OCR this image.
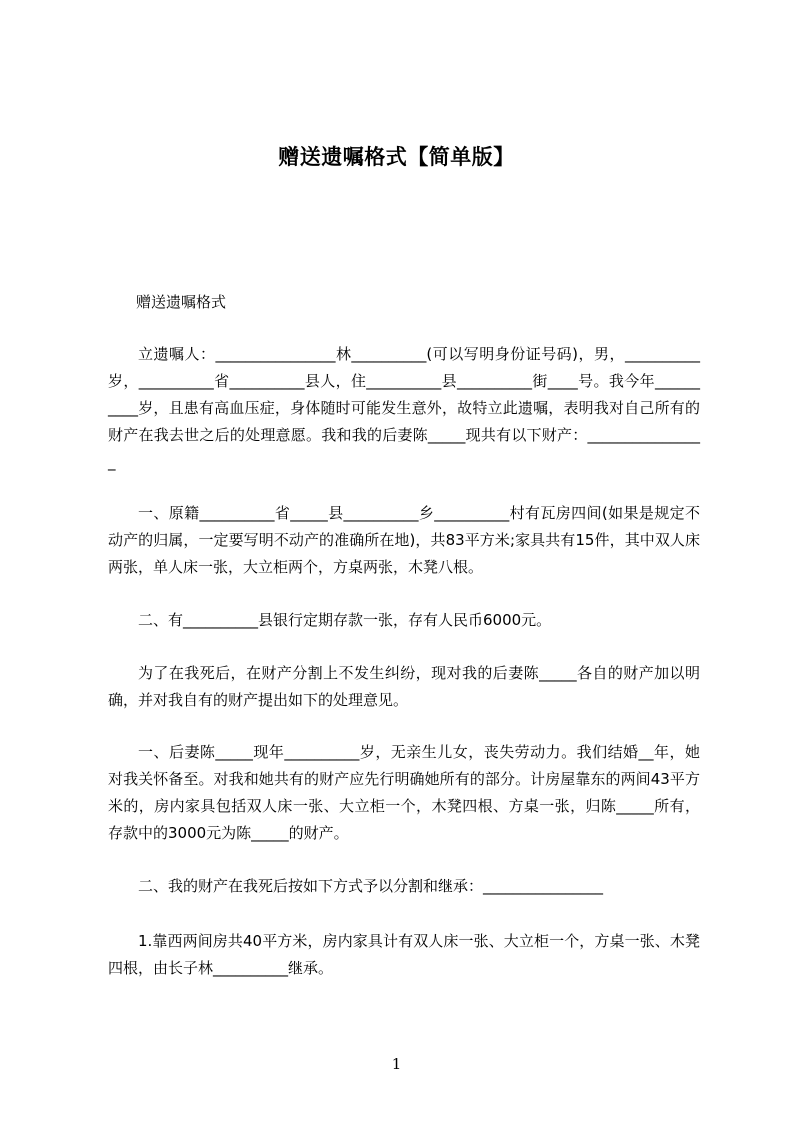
赠送遗嘱格式【简单版】
赠送遗嘱格式

立遗嘱人：________________林__________(可以写明身份证号码)，男，__________岁，__________省__________县人，住__________县__________街____号。我今年__________岁，且患有高血压症，身体随时可能发生意外，故特立此遗嘱，表明我对自己所有的财产在我去世之后的处理意愿。我和我的后妻陈_____现共有以下财产：________________

一、原籍__________省_____县__________乡__________村有瓦房四间(如果是规定不动产的归属，一定要写明不动产的准确所在地)，共83平方米;家具共有15件，其中双人床两张，单人床一张，大立柜两个，方桌两张，木凳八根。

二、有__________县银行定期存款一张，存有人民币6000元。

为了在我死后，在财产分割上不发生纠纷，现对我的后妻陈_____各自的财产加以明确，并对我自有的财产提出如下的处理意见。

一、后妻陈_____现年__________岁，无亲生儿女，丧失劳动力。我们结婚__年，她对我关怀备至。对我和她共有的财产应先行明确她所有的部分。计房屋靠东的两间43平方米的，房内家具包括双人床一张、大立柜一个，木凳四根、方桌一张，归陈_____所有，存款中的3000元为陈_____的财产。

二、我的财产在我死后按如下方式予以分割和继承：________________

1.靠西两间房共40平方米，房内家具计有双人床一张、大立柜一个，方桌一张、木凳四根，由长子林__________继承。

1
